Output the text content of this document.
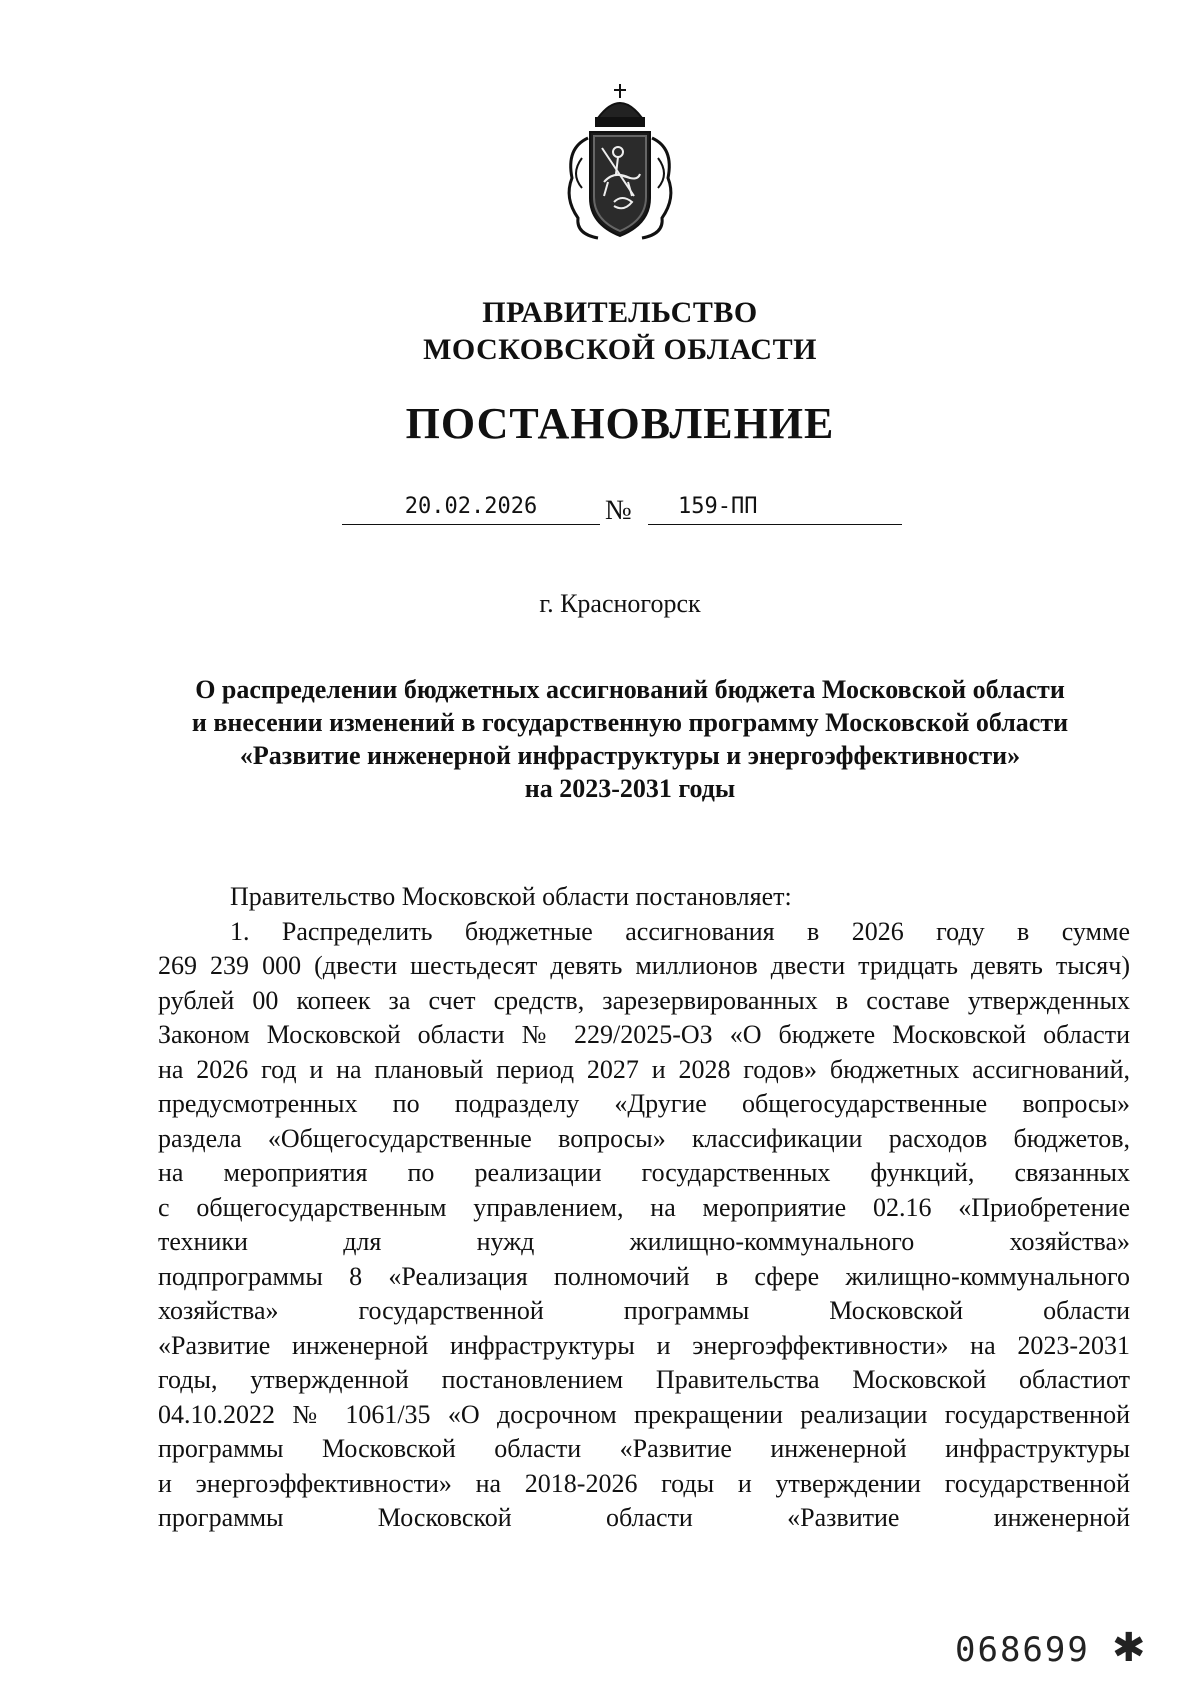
ПРАВИТЕЛЬСТВО
МОСКОВСКОЙ ОБЛАСТИ
ПОСТАНОВЛЕНИЕ
20.02.2026	№	159-ПП
г. Красногорск
О распределении бюджетных ассигнований бюджета Московской области
и внесении изменений в государственную программу Московской области
«Развитие инженерной инфраструктуры и энергоэффективности»
на 2023-2031 годы
Правительство Московской области постановляет:
1. Распределить бюджетные ассигнования в 2026 году в сумме
269 239 000 (двести шестьдесят девять миллионов двести тридцать девять тысяч)
рублей 00 копеек за счет средств, зарезервированных в составе утвержденных
Законом Московской области № 229/2025-ОЗ «О бюджете Московской области
на 2026 год и на плановый период 2027 и 2028 годов» бюджетных ассигнований,
предусмотренных по подразделу «Другие общегосударственные вопросы»
раздела «Общегосударственные вопросы» классификации расходов бюджетов,
на мероприятия по реализации государственных функций, связанных
с общегосударственным управлением, на мероприятие 02.16 «Приобретение
техники для нужд жилищно-коммунального хозяйства»
подпрограммы 8 «Реализация полномочий в сфере жилищно-коммунального
хозяйства» государственной программы Московской области
«Развитие инженерной инфраструктуры и энергоэффективности» на 2023-2031
годы, утвержденной постановлением Правительства Московской областиот
04.10.2022 № 1061/35 «О досрочном прекращении реализации государственной
программы Московской области «Развитие инженерной инфраструктуры
и энергоэффективности» на 2018-2026 годы и утверждении государственной
программы Московской области «Развитие инженерной
068699 ✱
